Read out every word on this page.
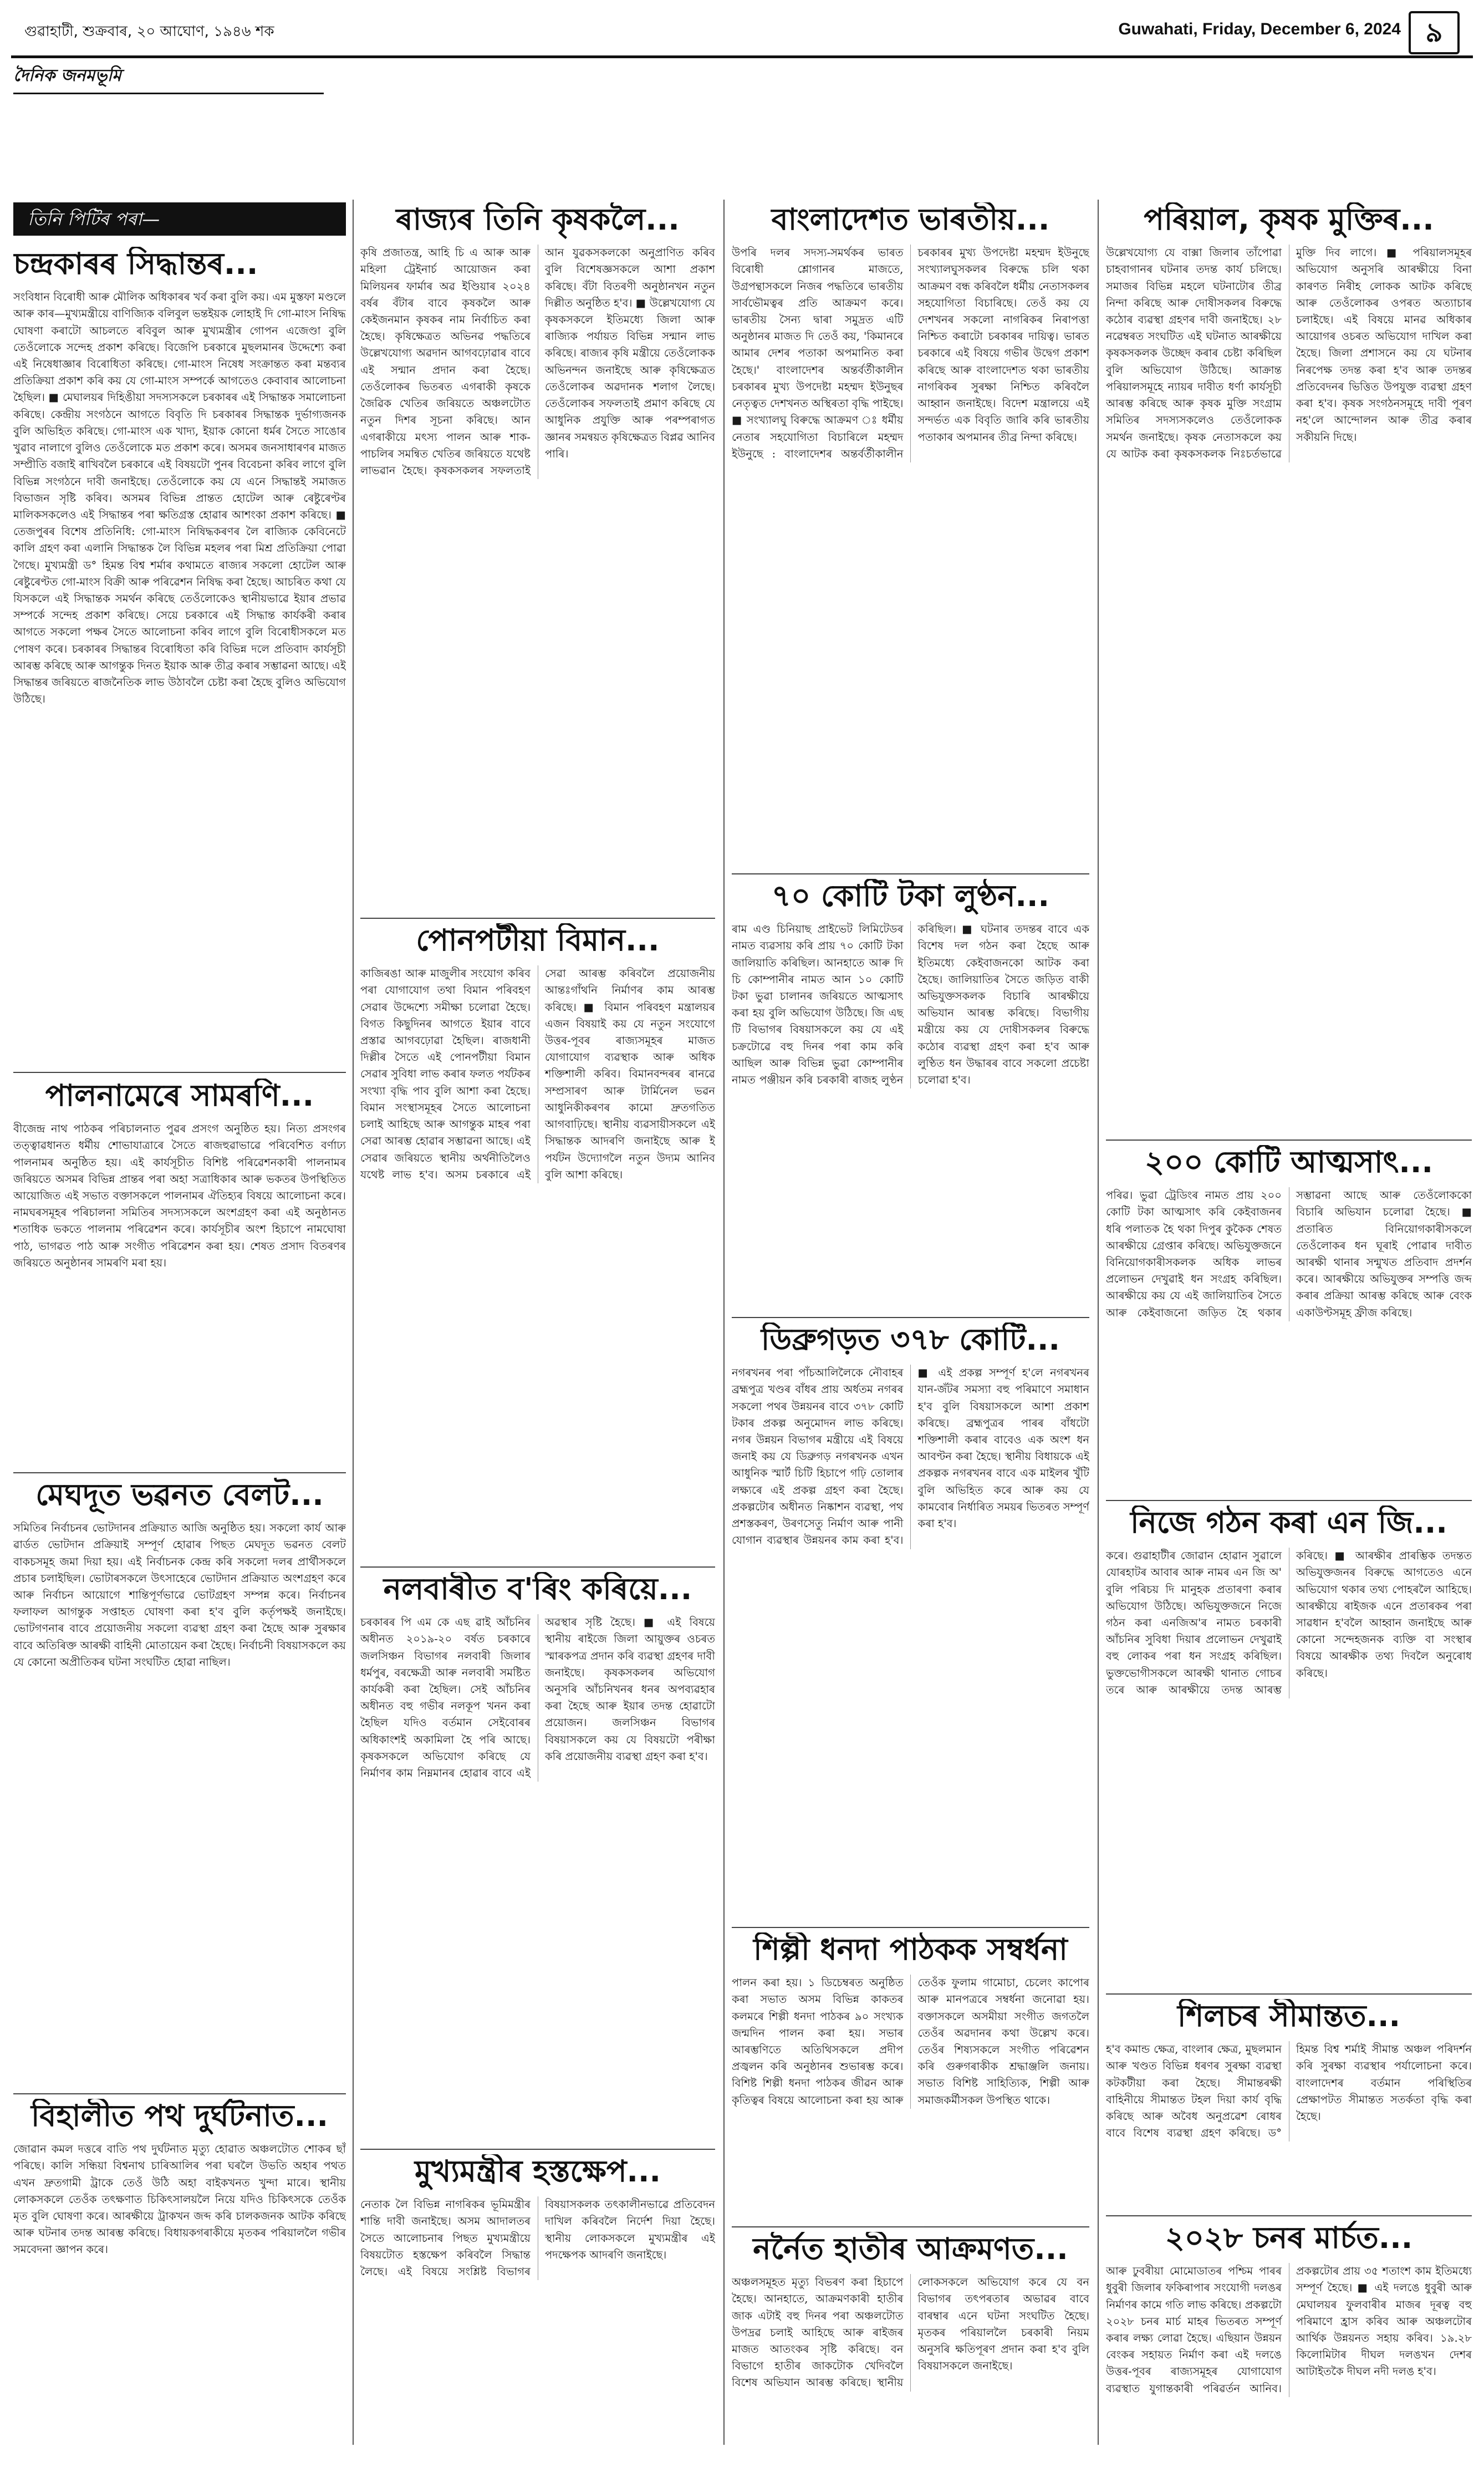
গুৱাহাটী, শুক্ৰবাৰ, ২০ আঘোণ, ১৯৪৬ শক	Guwahati, Friday, December 6, 2024 ৯
দৈনিক জনমভূমি
তিনি পিটিৰ পৰা—
চন্দ্ৰকাৰৰ সিদ্ধান্তৰ...

সংবিধান বিৰোধী আৰু মৌলিক অধিকাৰৰ খৰ্ব কৰা বুলি কয়। এম মুস্তফা মণ্ডলে আৰু কাৰ—মুখ্যমন্ত্ৰীয়ে বাণিজ্যিক বলিবুল ভন্তইয়ক লোহাই দি গো-মাংস নিষিদ্ধ ঘোষণা কৰাটো আচলতে ৰবিবুল আৰু মুখ্যমন্ত্ৰীৰ গোপন এজেণ্ডা বুলি তেওঁলোকে সন্দেহ প্ৰকাশ কৰিছে। বিজেপি চৰকাৰে মুছলমানৰ উদ্দেশ্যে কৰা এই নিষেধাজ্ঞাৰ বিৰোধিতা কৰিছে। গো-মাংস নিষেধ সংক্ৰান্তত কৰা মন্তব্যৰ প্ৰতিক্ৰিয়া প্ৰকাশ কৰি কয় যে গো-মাংস সম্পৰ্কে আগতেও কেবাবাৰ আলোচনা হৈছিল। ■ মেঘালয়ৰ দিহিঙীয়া সদস্যসকলে চৰকাৰৰ এই সিদ্ধান্তক সমালোচনা কৰিছে। কেন্দ্ৰীয় সংগঠনে আগতে বিবৃতি দি চৰকাৰৰ সিদ্ধান্তক দুৰ্ভাগ্যজনক বুলি অভিহিত কৰিছে। গো-মাংস এক খাদ্য, ইয়াক কোনো ধৰ্মৰ সৈতে সাঙোৰ খুৱাব নালাগে বুলিও তেওঁলোকে মত প্ৰকাশ কৰে। অসমৰ জনসাধাৰণৰ মাজত সম্প্ৰীতি বজাই ৰাখিবলৈ চৰকাৰে এই বিষয়টো পুনৰ বিবেচনা কৰিব লাগে বুলি বিভিন্ন সংগঠনে দাবী জনাইছে। তেওঁলোকে কয় যে এনে সিদ্ধান্তই সমাজত বিভাজন সৃষ্টি কৰিব। অসমৰ বিভিন্ন প্ৰান্তত হোটেল আৰু ৰেষ্টুৰেণ্টৰ মালিকসকলেও এই সিদ্ধান্তৰ পৰা ক্ষতিগ্ৰস্ত হোৱাৰ আশংকা প্ৰকাশ কৰিছে। ■ তেজপুৰৰ বিশেষ প্ৰতিনিধি: গো-মাংস নিষিদ্ধকৰণৰ লৈ ৰাজ্যিক কেবিনেটে কালি গ্ৰহণ কৰা এলানি সিদ্ধান্তক লৈ বিভিন্ন মহলৰ পৰা মিশ্ৰ প্ৰতিক্ৰিয়া পোৱা গৈছে। মুখ্যমন্ত্ৰী ড° হিমন্ত বিশ্ব শৰ্মাৰ কথামতে ৰাজ্যৰ সকলো হোটেল আৰু ৰেষ্টুৰেণ্টত গো-মাংস বিক্ৰী আৰু পৰিৱেশন নিষিদ্ধ কৰা হৈছে। আচৰিত কথা যে যিসকলে এই সিদ্ধান্তক সমৰ্থন কৰিছে তেওঁলোকেও স্থানীয়ভাৱে ইয়াৰ প্ৰভাৱ সম্পৰ্কে সন্দেহ প্ৰকাশ কৰিছে। সেয়ে চৰকাৰে এই সিদ্ধান্ত কাৰ্যকৰী কৰাৰ আগতে সকলো পক্ষৰ সৈতে আলোচনা কৰিব লাগে বুলি বিৰোধীসকলে মত পোষণ কৰে। চৰকাৰৰ সিদ্ধান্তৰ বিৰোধিতা কৰি বিভিন্ন দলে প্ৰতিবাদ কাৰ্যসূচী আৰম্ভ কৰিছে আৰু আগন্তুক দিনত ইয়াক আৰু তীব্ৰ কৰাৰ সম্ভাৱনা আছে। এই সিদ্ধান্তৰ জৰিয়তে ৰাজনৈতিক লাভ উঠাবলৈ চেষ্টা কৰা হৈছে বুলিও অভিযোগ উঠিছে।

পালনামেৰে সামৰণি...

বীজেন্দ্ৰ নাথ পাঠকৰ পৰিচালনাত পুৱৰ প্ৰসংগ অনুষ্ঠিত হয়। নিত্য প্ৰসংগৰ তত্ত্বাৱধানত ধৰ্মীয় শোভাযাত্ৰাৰে সৈতে ৰাজহুৱাভাৱে পৰিবেশিত বৰ্ণাঢ্য পালনামৰ অনুষ্ঠিত হয়। এই কাৰ্যসূচীত বিশিষ্ট পৰিৱেশনকাৰী পালনামৰ জৰিয়তে অসমৰ বিভিন্ন প্ৰান্তৰ পৰা অহা সত্ৰাধিকাৰ আৰু ভকতৰ উপস্থিতিত আয়োজিত এই সভাত বক্তাসকলে পালনামৰ ঐতিহ্যৰ বিষয়ে আলোচনা কৰে। নামঘৰসমূহৰ পৰিচালনা সমিতিৰ সদস্যসকলে অংশগ্ৰহণ কৰা এই অনুষ্ঠানত শতাধিক ভকতে পালনাম পৰিৱেশন কৰে। কাৰ্যসূচীৰ অংশ হিচাপে নামঘোষা পাঠ, ভাগৱত পাঠ আৰু সংগীত পৰিৱেশন কৰা হয়। শেষত প্ৰসাদ বিতৰণৰ জৰিয়তে অনুষ্ঠানৰ সামৰণি মৰা হয়।

মেঘদূত ভৱনত বেলট...

সমিতিৰ নিৰ্বাচনৰ ভোটদানৰ প্ৰক্ৰিয়াত আজি অনুষ্ঠিত হয়। সকলো কাৰ্য আৰু ৱাৰ্ডত ভোটদান প্ৰক্ৰিয়াই সম্পূৰ্ণ হোৱাৰ পিছত মেঘদূত ভৱনত বেলট বাকচসমূহ জমা দিয়া হয়। এই নিৰ্বাচনক কেন্দ্ৰ কৰি সকলো দলৰ প্ৰাৰ্থীসকলে প্ৰচাৰ চলাইছিল। ভোটাৰসকলে উৎসাহেৰে ভোটদান প্ৰক্ৰিয়াত অংশগ্ৰহণ কৰে আৰু নিৰ্বাচন আয়োগে শান্তিপূৰ্ণভাৱে ভোটগ্ৰহণ সম্পন্ন কৰে। নিৰ্বাচনৰ ফলাফল আগন্তুক সপ্তাহত ঘোষণা কৰা হ'ব বুলি কৰ্তৃপক্ষই জনাইছে। ভোটগণনাৰ বাবে প্ৰয়োজনীয় সকলো ব্যৱস্থা গ্ৰহণ কৰা হৈছে আৰু সুৰক্ষাৰ বাবে অতিৰিক্ত আৰক্ষী বাহিনী মোতায়েন কৰা হৈছে। নিৰ্বাচনী বিষয়াসকলে কয় যে কোনো অপ্ৰীতিকৰ ঘটনা সংঘটিত হোৱা নাছিল।

বিহালীত পথ দুৰ্ঘটনাত...

জোৱান কমল দত্তৰে বাতি পথ দুৰ্ঘটনাত মৃত্যু হোৱাত অঞ্চলটোত শোকৰ ছাঁ পৰিছে। কালি সন্ধিয়া বিশ্বনাথ চাৰিআলিৰ পৰা ঘৰলৈ উভতি অহাৰ পথত এখন দ্ৰুতগামী ট্ৰাকে তেওঁ উঠি অহা বাইকখনত খুন্দা মাৰে। স্থানীয় লোকসকলে তেওঁক তৎক্ষণাত চিকিৎসালয়লৈ নিয়ে যদিও চিকিৎসকে তেওঁক মৃত বুলি ঘোষণা কৰে। আৰক্ষীয়ে ট্ৰাকখন জব্দ কৰি চালকজনক আটক কৰিছে আৰু ঘটনাৰ তদন্ত আৰম্ভ কৰিছে। বিধায়কগৰাকীয়ে মৃতকৰ পৰিয়াললৈ গভীৰ সমবেদনা জ্ঞাপন কৰে।

ৰাজ্যৰ তিনি কৃষকলৈ...

কৃষি প্ৰজাতন্ত্ৰ, আহি চি এ আৰু আৰু মহিলা ট্ৰেইনাৰ্চ আয়োজন কৰা মিলিয়নৰ ফাৰ্মাৰ অৱ ইণ্ডিয়াৰ ২০২৪ বৰ্ষৰ বঁটাৰ বাবে কৃষকলৈ আৰু কেইজনমান কৃষকৰ নাম নিৰ্বাচিত কৰা হৈছে। কৃষিক্ষেত্ৰত অভিনৱ পদ্ধতিৰে উল্লেখযোগ্য অৱদান আগবঢ়োৱাৰ বাবে এই সন্মান প্ৰদান কৰা হৈছে। তেওঁলোকৰ ভিতৰত এগৰাকী কৃষকে জৈৱিক খেতিৰ জৰিয়তে অঞ্চলটোত নতুন দিশৰ সূচনা কৰিছে। আন এগৰাকীয়ে মৎস্য পালন আৰু শাক-পাচলিৰ সমন্বিত খেতিৰ জৰিয়তে যথেষ্ট লাভৱান হৈছে। কৃষকসকলৰ সফলতাই আন যুৱকসকলকো অনুপ্ৰাণিত কৰিব বুলি বিশেষজ্ঞসকলে আশা প্ৰকাশ কৰিছে। বঁটা বিতৰণী অনুষ্ঠানখন নতুন দিল্লীত অনুষ্ঠিত হ'ব। ■ উল্লেখযোগ্য যে কৃষকসকলে ইতিমধ্যে জিলা আৰু ৰাজ্যিক পৰ্যায়ত বিভিন্ন সন্মান লাভ কৰিছে। ৰাজ্যৰ কৃষি মন্ত্ৰীয়ে তেওঁলোকক অভিনন্দন জনাইছে আৰু কৃষিক্ষেত্ৰত তেওঁলোকৰ অৱদানক শলাগ লৈছে। তেওঁলোকৰ সফলতাই প্ৰমাণ কৰিছে যে আধুনিক প্ৰযুক্তি আৰু পৰম্পৰাগত জ্ঞানৰ সমন্বয়ত কৃষিক্ষেত্ৰত বিপ্লৱ আনিব পাৰি।

পোনপটীয়া বিমান...

কাজিৰঙা আৰু মাজুলীৰ সংযোগ কৰিব পৰা যোগাযোগ তথা বিমান পৰিবহণ সেৱাৰ উদ্দেশ্যে সমীক্ষা চলোৱা হৈছে। বিগত কিছুদিনৰ আগতে ইয়াৰ বাবে প্ৰস্তাৱ আগবঢ়োৱা হৈছিল। ৰাজধানী দিল্লীৰ সৈতে এই পোনপটীয়া বিমান সেৱাৰ সুবিধা লাভ কৰাৰ ফলত পৰ্যটকৰ সংখ্যা বৃদ্ধি পাব বুলি আশা কৰা হৈছে। বিমান সংস্থাসমূহৰ সৈতে আলোচনা চলাই আহিছে আৰু আগন্তুক মাহৰ পৰা সেৱা আৰম্ভ হোৱাৰ সম্ভাৱনা আছে। এই সেৱাৰ জৰিয়তে স্থানীয় অৰ্থনীতিলৈও যথেষ্ট লাভ হ'ব। অসম চৰকাৰে এই সেৱা আৰম্ভ কৰিবলৈ প্ৰয়োজনীয় আন্তঃগাঁথনি নিৰ্মাণৰ কাম আৰম্ভ কৰিছে। ■ বিমান পৰিবহণ মন্ত্ৰালয়ৰ এজন বিষয়াই কয় যে নতুন সংযোগে উত্তৰ-পূবৰ ৰাজ্যসমূহৰ মাজত যোগাযোগ ব্যৱস্থাক আৰু অধিক শক্তিশালী কৰিব। বিমানবন্দৰৰ ৰানৱে সম্প্ৰসাৰণ আৰু টাৰ্মিনেল ভৱন আধুনিকীকৰণৰ কামো দ্ৰুতগতিত আগবাঢ়িছে। স্থানীয় ব্যৱসায়ীসকলে এই সিদ্ধান্তক আদৰণি জনাইছে আৰু ই পৰ্যটন উদ্যোগলৈ নতুন উদ্যম আনিব বুলি আশা কৰিছে।

নলবাৰীত ব'ৰিং কৰিয়ে...

চৰকাৰৰ পি এম কে এছ ৱাই আঁচনিৰ অধীনত ২০১৯-২০ বৰ্ষত চৰকাৰে জলসিঞ্চন বিভাগৰ নলবাৰী জিলাৰ ধৰ্মপুৰ, বৰক্ষেত্ৰী আৰু নলবাৰী সমষ্টিত কাৰ্যকৰী কৰা হৈছিল। সেই আঁচনিৰ অধীনত বহু গভীৰ নলকূপ খনন কৰা হৈছিল যদিও বৰ্তমান সেইবোৰৰ অধিকাংশই অকামিলা হৈ পৰি আছে। কৃষকসকলে অভিযোগ কৰিছে যে নিৰ্মাণৰ কাম নিম্নমানৰ হোৱাৰ বাবে এই অৱস্থাৰ সৃষ্টি হৈছে। ■ এই বিষয়ে স্থানীয় ৰাইজে জিলা আয়ুক্তৰ ওচৰত স্মাৰকপত্ৰ প্ৰদান কৰি ব্যৱস্থা গ্ৰহণৰ দাবী জনাইছে। কৃষকসকলৰ অভিযোগ অনুসৰি আঁচনিখনৰ ধনৰ অপব্যৱহাৰ কৰা হৈছে আৰু ইয়াৰ তদন্ত হোৱাটো প্ৰয়োজন। জলসিঞ্চন বিভাগৰ বিষয়াসকলে কয় যে বিষয়টো পৰীক্ষা কৰি প্ৰয়োজনীয় ব্যৱস্থা গ্ৰহণ কৰা হ'ব।

মুখ্যমন্ত্ৰীৰ হস্তক্ষেপ...

নেতাক লৈ বিভিন্ন নাগৰিকৰ ভূমিমন্ত্ৰীৰ শান্তি দাবী জনাইছে। অসম আদালতৰ সৈতে আলোচনাৰ পিছত মুখ্যমন্ত্ৰীয়ে বিষয়টোত হস্তক্ষেপ কৰিবলৈ সিদ্ধান্ত লৈছে। এই বিষয়ে সংশ্লিষ্ট বিভাগৰ বিষয়াসকলক তৎকালীনভাৱে প্ৰতিবেদন দাখিল কৰিবলৈ নিৰ্দেশ দিয়া হৈছে। স্থানীয় লোকসকলে মুখ্যমন্ত্ৰীৰ এই পদক্ষেপক আদৰণি জনাইছে।

বাংলাদেশত ভাৰতীয়...

উপৰি দলৰ সদস্য-সমৰ্থকৰ ভাৰত বিৰোধী শ্লোগানৰ মাজতে, উগ্ৰপন্থাসকলে নিজৰ পদ্ধতিৰে ভাৰতীয় সাৰ্বভৌমত্বৰ প্ৰতি আক্ৰমণ কৰে। ভাৰতীয় সৈন্য দ্বাৰা সমুদ্ৰত এটি অনুষ্ঠানৰ মাজত দি তেওঁ কয়, 'কিমানৰে আমাৰ দেশৰ পতাকা অপমানিত কৰা হৈছে।' বাংলাদেশৰ অন্তৰ্বৰ্তীকালীন চৰকাৰৰ মুখ্য উপদেষ্টা মহম্মদ ইউনুছৰ নেতৃত্বত দেশখনত অস্থিৰতা বৃদ্ধি পাইছে। ■ সংখ্যালঘু বিৰুদ্ধে আক্ৰমণ ঃ ধৰ্মীয় নেতাৰ সহযোগিতা বিচাৰিলে মহম্মদ ইউনুছে : বাংলাদেশৰ অন্তৰ্বৰ্তীকালীন চৰকাৰৰ মুখ্য উপদেষ্টা মহম্মদ ইউনুছে সংখ্যালঘুসকলৰ বিৰুদ্ধে চলি থকা আক্ৰমণ বন্ধ কৰিবলৈ ধৰ্মীয় নেতাসকলৰ সহযোগিতা বিচাৰিছে। তেওঁ কয় যে দেশখনৰ সকলো নাগৰিকৰ নিৰাপত্তা নিশ্চিত কৰাটো চৰকাৰৰ দায়িত্ব। ভাৰত চৰকাৰে এই বিষয়ে গভীৰ উদ্বেগ প্ৰকাশ কৰিছে আৰু বাংলাদেশত থকা ভাৰতীয় নাগৰিকৰ সুৰক্ষা নিশ্চিত কৰিবলৈ আহ্বান জনাইছে। বিদেশ মন্ত্ৰালয়ে এই সন্দৰ্ভত এক বিবৃতি জাৰি কৰি ভাৰতীয় পতাকাৰ অপমানৰ তীব্ৰ নিন্দা কৰিছে।

৭০ কোটি টকা লুণ্ঠন...

ৰাম এণ্ড চিনিয়াছ প্ৰাইভেট লিমিটেডৰ নামত ব্যৱসায় কৰি প্ৰায় ৭০ কোটি টকা জালিয়াতি কৰিছিল। আনহাতে আৰু দি চি কোম্পানীৰ নামত আন ১০ কোটি টকা ভুৱা চালানৰ জৰিয়তে আত্মসাৎ কৰা হয় বুলি অভিযোগ উঠিছে। জি এছ টি বিভাগৰ বিষয়াসকলে কয় যে এই চক্ৰটোৱে বহু দিনৰ পৰা কাম কৰি আছিল আৰু বিভিন্ন ভুৱা কোম্পানীৰ নামত পঞ্জীয়ন কৰি চৰকাৰী ৰাজহ লুণ্ঠন কৰিছিল। ■ ঘটনাৰ তদন্তৰ বাবে এক বিশেষ দল গঠন কৰা হৈছে আৰু ইতিমধ্যে কেইবাজনকো আটক কৰা হৈছে। জালিয়াতিৰ সৈতে জড়িত বাকী অভিযুক্তসকলক বিচাৰি আৰক্ষীয়ে অভিযান আৰম্ভ কৰিছে। বিভাগীয় মন্ত্ৰীয়ে কয় যে দোষীসকলৰ বিৰুদ্ধে কঠোৰ ব্যৱস্থা গ্ৰহণ কৰা হ'ব আৰু লুণ্ঠিত ধন উদ্ধাৰৰ বাবে সকলো প্ৰচেষ্টা চলোৱা হ'ব।

ডিব্ৰুগড়ত ৩৭৮ কোটি...

নগৰখনৰ পৰা পাঁচআলিলৈকে নৌবাহৰ ব্ৰহ্মপুত্ৰ খণ্ডৰ বাঁধৰ প্ৰায় অৰ্ধতম নগৰৰ সকলো পথৰ উন্নয়নৰ বাবে ৩৭৮ কোটি টকাৰ প্ৰকল্প অনুমোদন লাভ কৰিছে। নগৰ উন্নয়ন বিভাগৰ মন্ত্ৰীয়ে এই বিষয়ে জনাই কয় যে ডিব্ৰুগড় নগৰখনক এখন আধুনিক স্মাৰ্ট চিটি হিচাপে গঢ়ি তোলাৰ লক্ষ্যৰে এই প্ৰকল্প গ্ৰহণ কৰা হৈছে। প্ৰকল্পটোৰ অধীনত নিষ্কাশন ব্যৱস্থা, পথ প্ৰশস্তকৰণ, উৰণসেতু নিৰ্মাণ আৰু পানী যোগান ব্যৱস্থাৰ উন্নয়নৰ কাম কৰা হ'ব। ■ এই প্ৰকল্প সম্পূৰ্ণ হ'লে নগৰখনৰ যান-জঁটৰ সমস্যা বহু পৰিমাণে সমাধান হ'ব বুলি বিষয়াসকলে আশা প্ৰকাশ কৰিছে। ব্ৰহ্মপুত্ৰৰ পাৰৰ বাঁধটো শক্তিশালী কৰাৰ বাবেও এক অংশ ধন আবণ্টন কৰা হৈছে। স্থানীয় বিধায়কে এই প্ৰকল্পক নগৰখনৰ বাবে এক মাইলৰ খুঁটি বুলি অভিহিত কৰে আৰু কয় যে কামবোৰ নিৰ্ধাৰিত সময়ৰ ভিতৰত সম্পূৰ্ণ কৰা হ'ব।

শিল্পী ধনদা পাঠকক সম্বৰ্ধনা

পালন কৰা হয়। ১ ডিচেম্বৰত অনুষ্ঠিত কৰা সভাত অসম বিভিন্ন কাকতৰ কলমৰে শিল্পী ধনদা পাঠকৰ ৯০ সংখ্যক জন্মদিন পালন কৰা হয়। সভাৰ আৰম্ভণিতে অতিথিসকলে প্ৰদীপ প্ৰজ্বলন কৰি অনুষ্ঠানৰ শুভাৰম্ভ কৰে। বিশিষ্ট শিল্পী ধনদা পাঠকৰ জীৱন আৰু কৃতিত্বৰ বিষয়ে আলোচনা কৰা হয় আৰু তেওঁক ফুলাম গামোচা, চেলেং কাপোৰ আৰু মানপত্ৰৰে সম্বৰ্ধনা জনোৱা হয়। বক্তাসকলে অসমীয়া সংগীত জগতলৈ তেওঁৰ অৱদানৰ কথা উল্লেখ কৰে। তেওঁৰ শিষ্যসকলে সংগীত পৰিৱেশন কৰি গুৰুগৰাকীক শ্ৰদ্ধাঞ্জলি জনায়। সভাত বিশিষ্ট সাহিত্যিক, শিল্পী আৰু সমাজকৰ্মীসকল উপস্থিত থাকে।

নৰ্নৈত হাতীৰ আক্ৰমণত...

অঞ্চলসমূহত মৃত্যু বিভৰণ কৰা হিচাপে হৈছে। আনহাতে, আক্ৰমণকাৰী হাতীৰ জাক এটাই বহু দিনৰ পৰা অঞ্চলটোত উপদ্ৰৱ চলাই আহিছে আৰু ৰাইজৰ মাজত আতংকৰ সৃষ্টি কৰিছে। বন বিভাগে হাতীৰ জাকটোক খেদিবলৈ বিশেষ অভিযান আৰম্ভ কৰিছে। স্থানীয় লোকসকলে অভিযোগ কৰে যে বন বিভাগৰ তৎপৰতাৰ অভাৱৰ বাবে বাৰম্বাৰ এনে ঘটনা সংঘটিত হৈছে। মৃতকৰ পৰিয়াললৈ চৰকাৰী নিয়ম অনুসৰি ক্ষতিপূৰণ প্ৰদান কৰা হ'ব বুলি বিষয়াসকলে জনাইছে।

পৰিয়াল, কৃষক মুক্তিৰ...

উল্লেখযোগ্য যে বাক্সা জিলাৰ তাঁপোৱা চাহবাগানৰ ঘটনাৰ তদন্ত কাৰ্য চলিছে। সমাজৰ বিভিন্ন মহলে ঘটনাটোৰ তীব্ৰ নিন্দা কৰিছে আৰু দোষীসকলৰ বিৰুদ্ধে কঠোৰ ব্যৱস্থা গ্ৰহণৰ দাবী জনাইছে। ২৮ নৱেম্বৰত সংঘটিত এই ঘটনাত আৰক্ষীয়ে কৃষকসকলক উচ্ছেদ কৰাৰ চেষ্টা কৰিছিল বুলি অভিযোগ উঠিছে। আক্ৰান্ত পৰিয়ালসমূহে ন্যায়ৰ দাবীত ধৰ্ণা কাৰ্যসূচী আৰম্ভ কৰিছে আৰু কৃষক মুক্তি সংগ্ৰাম সমিতিৰ সদস্যসকলেও তেওঁলোকক সমৰ্থন জনাইছে। কৃষক নেতাসকলে কয় যে আটক কৰা কৃষকসকলক নিঃচৰ্তভাৱে মুক্তি দিব লাগে। ■ পৰিয়ালসমূহৰ অভিযোগ অনুসৰি আৰক্ষীয়ে বিনা কাৰণত নিৰীহ লোকক আটক কৰিছে আৰু তেওঁলোকৰ ওপৰত অত্যাচাৰ চলাইছে। এই বিষয়ে মানৱ অধিকাৰ আয়োগৰ ওচৰত অভিযোগ দাখিল কৰা হৈছে। জিলা প্ৰশাসনে কয় যে ঘটনাৰ নিৰপেক্ষ তদন্ত কৰা হ'ব আৰু তদন্তৰ প্ৰতিবেদনৰ ভিত্তিত উপযুক্ত ব্যৱস্থা গ্ৰহণ কৰা হ'ব। কৃষক সংগঠনসমূহে দাবী পূৰণ নহ'লে আন্দোলন আৰু তীব্ৰ কৰাৰ সকীয়নি দিছে।

২০০ কোটি আত্মসাৎ...

পৰিৱ। ভুৱা ট্ৰেডিংৰ নামত প্ৰায় ২০০ কোটি টকা আত্মসাৎ কৰি কেইবাজনৰ ধৰি পলাতক হৈ থকা দিপুৰ কুকৈক শেষত আৰক্ষীয়ে গ্ৰেপ্তাৰ কৰিছে। অভিযুক্তজনে বিনিয়োগকাৰীসকলক অধিক লাভৰ প্ৰলোভন দেখুৱাই ধন সংগ্ৰহ কৰিছিল। আৰক্ষীয়ে কয় যে এই জালিয়াতিৰ সৈতে আৰু কেইবাজনো জড়িত হৈ থকাৰ সম্ভাৱনা আছে আৰু তেওঁলোককো বিচাৰি অভিযান চলোৱা হৈছে। ■ প্ৰতাৰিত বিনিয়োগকাৰীসকলে তেওঁলোকৰ ধন ঘূৰাই পোৱাৰ দাবীত আৰক্ষী থানাৰ সন্মুখত প্ৰতিবাদ প্ৰদৰ্শন কৰে। আৰক্ষীয়ে অভিযুক্তৰ সম্পত্তি জব্দ কৰাৰ প্ৰক্ৰিয়া আৰম্ভ কৰিছে আৰু বেংক একাউণ্টসমূহ ফ্ৰীজ কৰিছে।

নিজে গঠন কৰা এন জি...

কৰে। গুৱাহাটীৰ জোৱান হোৱান সুৱালে যোৰহাটৰ আবাৰ আৰু নামৰ এন জি অ' বুলি পৰিচয় দি মানুহক প্ৰতাৰণা কৰাৰ অভিযোগ উঠিছে। অভিযুক্তজনে নিজে গঠন কৰা এনজিঅ'ৰ নামত চৰকাৰী আঁচনিৰ সুবিধা দিয়াৰ প্ৰলোভন দেখুৱাই বহু লোকৰ পৰা ধন সংগ্ৰহ কৰিছিল। ভুক্তভোগীসকলে আৰক্ষী থানাত গোচৰ তৰে আৰু আৰক্ষীয়ে তদন্ত আৰম্ভ কৰিছে। ■ আৰক্ষীৰ প্ৰাৰম্ভিক তদন্তত অভিযুক্তজনৰ বিৰুদ্ধে আগতেও এনে অভিযোগ থকাৰ তথ্য পোহৰলৈ আহিছে। আৰক্ষীয়ে ৰাইজক এনে প্ৰতাৰকৰ পৰা সাৱধান হ'বলৈ আহ্বান জনাইছে আৰু কোনো সন্দেহজনক ব্যক্তি বা সংস্থাৰ বিষয়ে আৰক্ষীক তথ্য দিবলৈ অনুৰোধ কৰিছে।

শিলচৰ সীমান্তত...

হ'ব কমান্ড ক্ষেত্ৰ, বাংলাৰ ক্ষেত্ৰ, মুছলমান আৰু খণ্ডত বিভিন্ন ধৰণৰ সুৰক্ষা ব্যৱস্থা কটকটীয়া কৰা হৈছে। সীমান্তৰক্ষী বাহিনীয়ে সীমান্তত টহল দিয়া কাৰ্য বৃদ্ধি কৰিছে আৰু অবৈধ অনুপ্ৰৱেশ ৰোধৰ বাবে বিশেষ ব্যৱস্থা গ্ৰহণ কৰিছে। ড° হিমন্ত বিশ্ব শৰ্মাই সীমান্ত অঞ্চল পৰিদৰ্শন কৰি সুৰক্ষা ব্যৱস্থাৰ পৰ্যালোচনা কৰে। বাংলাদেশৰ বৰ্তমান পৰিস্থিতিৰ প্ৰেক্ষাপটত সীমান্তত সতৰ্কতা বৃদ্ধি কৰা হৈছে।

২০২৮ চনৰ মাৰ্চত...

আৰু ঢুবৰীয়া মোমোডাতৰ পশ্চিম পাৰৰ ধুবুৰী জিলাৰ ফকিৰাপাৰ সংযোগী দলঙৰ নিৰ্মাণৰ কামে গতি লাভ কৰিছে। প্ৰকল্পটো ২০২৮ চনৰ মাৰ্চ মাহৰ ভিতৰত সম্পূৰ্ণ কৰাৰ লক্ষ্য লোৱা হৈছে। এছিয়ান উন্নয়ন বেংকৰ সহায়ত নিৰ্মাণ কৰা এই দলঙে উত্তৰ-পূবৰ ৰাজ্যসমূহৰ যোগাযোগ ব্যৱস্থাত যুগান্তকাৰী পৰিৱৰ্তন আনিব। প্ৰকল্পটোৰ প্ৰায় ৩৫ শতাংশ কাম ইতিমধ্যে সম্পূৰ্ণ হৈছে। ■ এই দলঙে ধুবুৰী আৰু মেঘালয়ৰ ফুলবাৰীৰ মাজৰ দূৰত্ব বহু পৰিমাণে হ্ৰাস কৰিব আৰু অঞ্চলটোৰ আৰ্থিক উন্নয়নত সহায় কৰিব। ১৯.২৮ কিলোমিটাৰ দীঘল দলঙখন দেশৰ আটাইতকৈ দীঘল নদী দলঙ হ'ব।
